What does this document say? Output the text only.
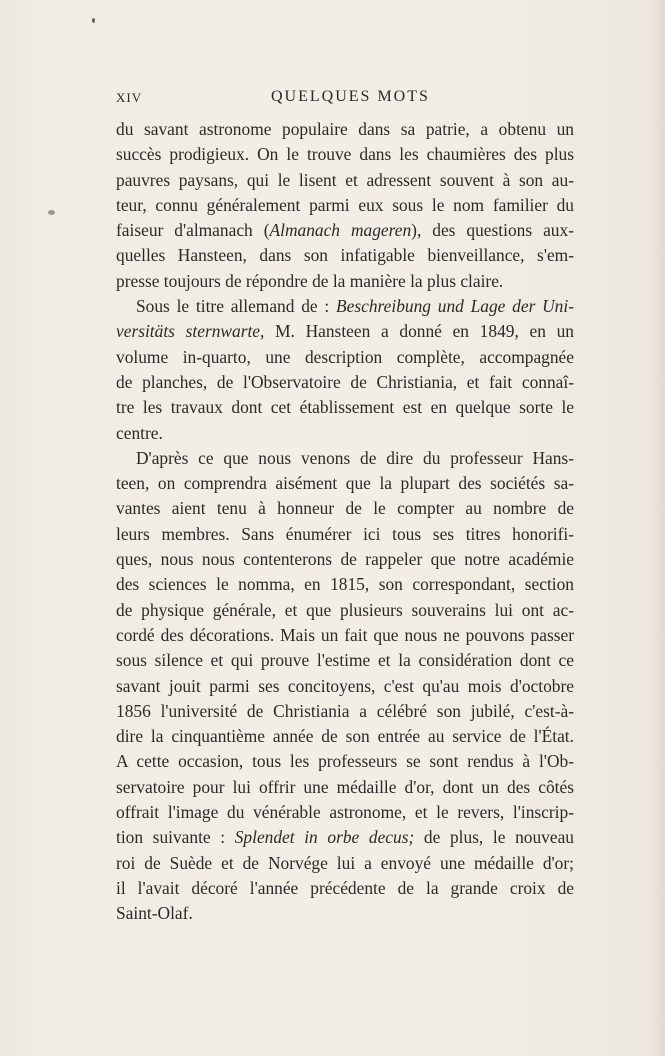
XIV	QUELQUES MOTS
du savant astronome populaire dans sa patrie, a obtenu un
succès prodigieux. On le trouve dans les chaumières des plus
pauvres paysans, qui le lisent et adressent souvent à son au-
teur, connu généralement parmi eux sous le nom familier du
faiseur d'almanach (Almanach mageren), des questions aux-
quelles Hansteen, dans son infatigable bienveillance, s'em-
presse toujours de répondre de la manière la plus claire.
Sous le titre allemand de : Beschreibung und Lage der Uni-
versitäts sternwarte, M. Hansteen a donné en 1849, en un
volume in-quarto, une description complète, accompagnée
de planches, de l'Observatoire de Christiania, et fait connaî-
tre les travaux dont cet établissement est en quelque sorte le
centre.
D'après ce que nous venons de dire du professeur Hans-
teen, on comprendra aisément que la plupart des sociétés sa-
vantes aient tenu à honneur de le compter au nombre de
leurs membres. Sans énumérer ici tous ses titres honorifi-
ques, nous nous contenterons de rappeler que notre académie
des sciences le nomma, en 1815, son correspondant, section
de physique générale, et que plusieurs souverains lui ont ac-
cordé des décorations. Mais un fait que nous ne pouvons passer
sous silence et qui prouve l'estime et la considération dont ce
savant jouit parmi ses concitoyens, c'est qu'au mois d'octobre
1856 l'université de Christiania a célébré son jubilé, c'est-à-
dire la cinquantième année de son entrée au service de l'État.
A cette occasion, tous les professeurs se sont rendus à l'Ob-
servatoire pour lui offrir une médaille d'or, dont un des côtés
offrait l'image du vénérable astronome, et le revers, l'inscrip-
tion suivante : Splendet in orbe decus; de plus, le nouveau
roi de Suède et de Norvége lui a envoyé une médaille d'or;
il l'avait décoré l'année précédente de la grande croix de
Saint-Olaf.
